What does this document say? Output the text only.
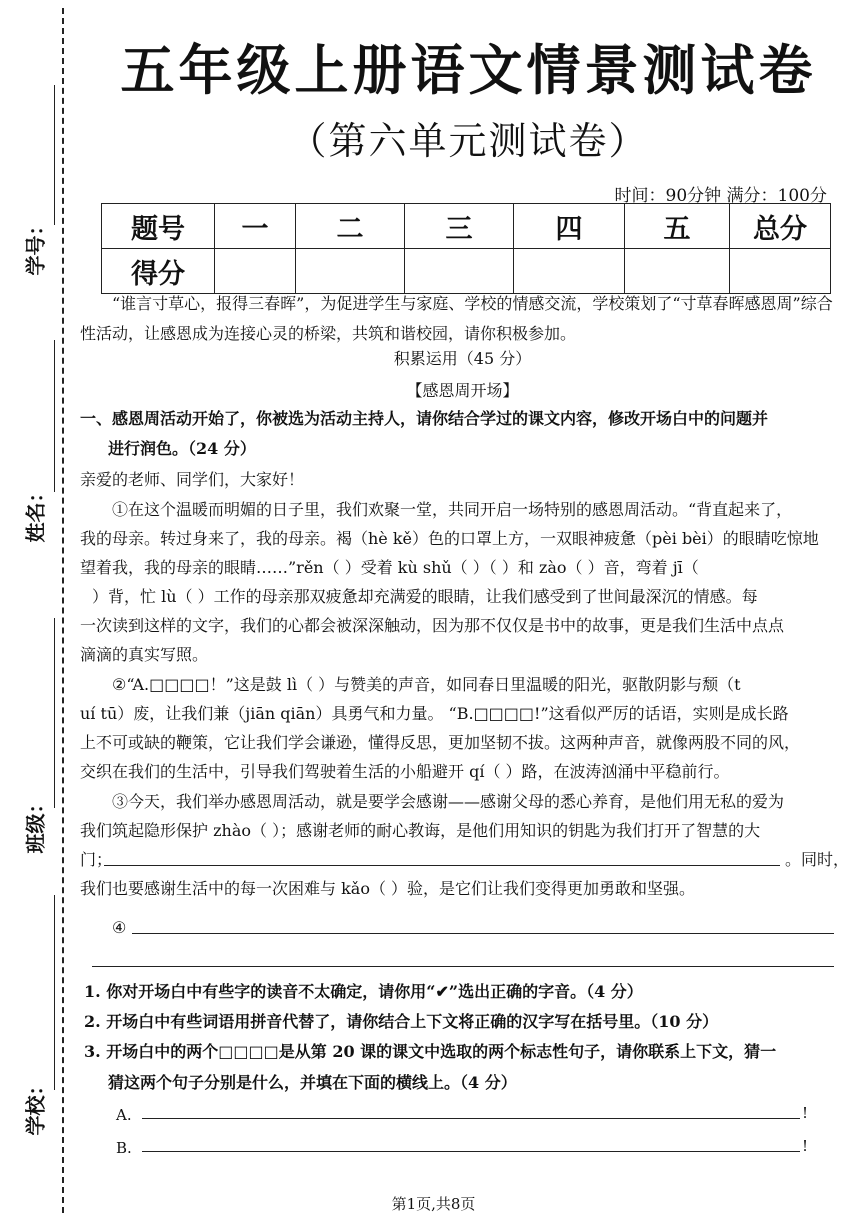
学号：
姓名：
班级：
学校：
五年级上册语文情景测试卷
（第六单元测试卷）
时间：90分钟 满分：100分
题号	一	二	三	四	五	总分
得分						
“谁言寸草心，报得三春晖”，为促进学生与家庭、学校的情感交流，学校策划了“寸草春晖感恩周”综合性活动，让感恩成为连接心灵的桥梁，共筑和谐校园，请你积极参加。
积累运用（45 分）
【感恩周开场】
一、感恩周活动开始了，你被选为活动主持人，请你结合学过的课文内容，修改开场白中的问题并
进行润色。（24 分）
亲爱的老师、同学们，大家好！
①在这个温暖而明媚的日子里，我们欢聚一堂，共同开启一场特别的感恩周活动。“背直起来了，
我的母亲。转过身来了，我的母亲。褐（hè kě）色的口罩上方，一双眼神疲惫（pèi bèi）的眼睛吃惊地
望着我，我的母亲的眼睛……”rěn（ ）受着 kù shǔ（ ）（ ）和 zào（ ）音，弯着 jī（
）背，忙 lù（ ）工作的母亲那双疲惫却充满爱的眼睛，让我们感受到了世间最深沉的情感。每
一次读到这样的文字，我们的心都会被深深触动，因为那不仅仅是书中的故事，更是我们生活中点点
滴滴的真实写照。
②“A.□□□□！”这是鼓 lì（ ）与赞美的声音，如同春日里温暖的阳光，驱散阴影与颓（t
uí tū）废，让我们兼（jiān qiān）具勇气和力量。 “B.□□□□!”这看似严厉的话语，实则是成长路
上不可或缺的鞭策，它让我们学会谦逊，懂得反思，更加坚韧不拔。这两种声音，就像两股不同的风，
交织在我们的生活中，引导我们驾驶着生活的小船避开 qí（ ）路，在波涛汹涌中平稳前行。
③今天，我们举办感恩周活动，就是要学会感谢——感谢父母的悉心养育，是他们用无私的爱为
我们筑起隐形保护 zhào（ ）；感谢老师的耐心教诲，是他们用知识的钥匙为我们打开了智慧的大
门；	。同时，
我们也要感谢生活中的每一次困难与 kǎo（ ）验，是它们让我们变得更加勇敢和坚强。
④
1. 你对开场白中有些字的读音不太确定，请你用“✔”选出正确的字音。（4 分）
2. 开场白中有些词语用拼音代替了，请你结合上下文将正确的汉字写在括号里。（10 分）
3. 开场白中的两个□□□□是从第 20 课的课文中选取的两个标志性句子，请你联系上下文，猜一
猜这两个句子分别是什么，并填在下面的横线上。（4 分）
A.	!
B.	!
第1页,共8页
